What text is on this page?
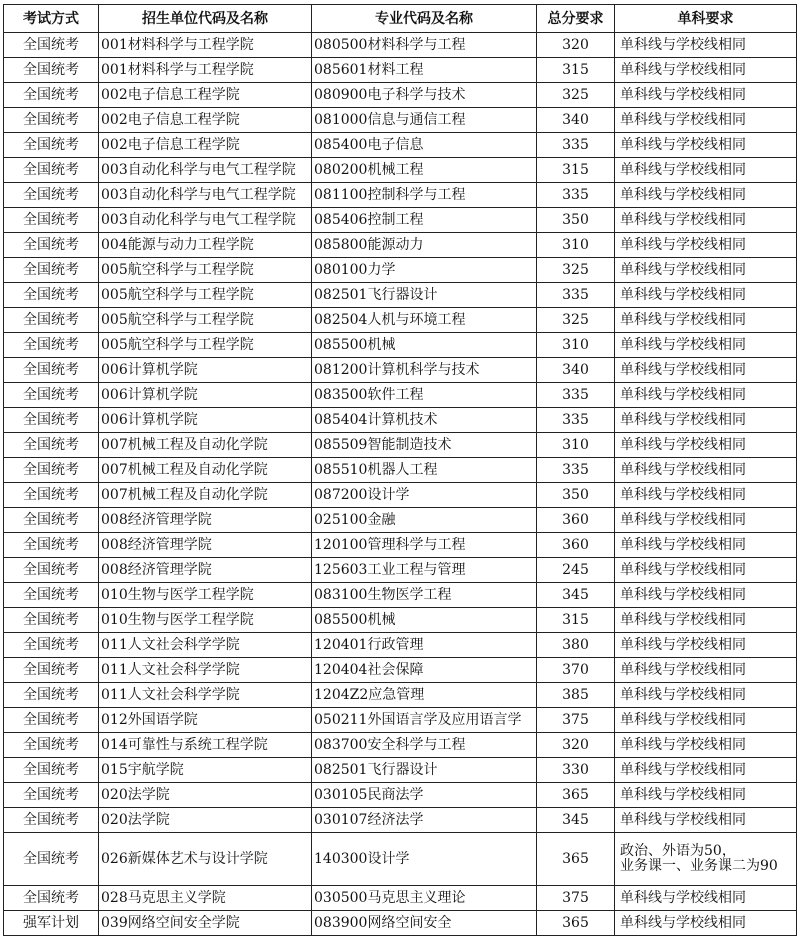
考试方式	招生单位代码及名称	专业代码及名称	总分要求	单科要求
全国统考	001材料科学与工程学院	080500材料科学与工程	320	单科线与学校线相同
全国统考	001材料科学与工程学院	085601材料工程	315	单科线与学校线相同
全国统考	002电子信息工程学院	080900电子科学与技术	325	单科线与学校线相同
全国统考	002电子信息工程学院	081000信息与通信工程	340	单科线与学校线相同
全国统考	002电子信息工程学院	085400电子信息	335	单科线与学校线相同
全国统考	003自动化科学与电气工程学院	080200机械工程	315	单科线与学校线相同
全国统考	003自动化科学与电气工程学院	081100控制科学与工程	335	单科线与学校线相同
全国统考	003自动化科学与电气工程学院	085406控制工程	350	单科线与学校线相同
全国统考	004能源与动力工程学院	085800能源动力	310	单科线与学校线相同
全国统考	005航空科学与工程学院	080100力学	325	单科线与学校线相同
全国统考	005航空科学与工程学院	082501飞行器设计	335	单科线与学校线相同
全国统考	005航空科学与工程学院	082504人机与环境工程	325	单科线与学校线相同
全国统考	005航空科学与工程学院	085500机械	310	单科线与学校线相同
全国统考	006计算机学院	081200计算机科学与技术	340	单科线与学校线相同
全国统考	006计算机学院	083500软件工程	335	单科线与学校线相同
全国统考	006计算机学院	085404计算机技术	335	单科线与学校线相同
全国统考	007机械工程及自动化学院	085509智能制造技术	310	单科线与学校线相同
全国统考	007机械工程及自动化学院	085510机器人工程	335	单科线与学校线相同
全国统考	007机械工程及自动化学院	087200设计学	350	单科线与学校线相同
全国统考	008经济管理学院	025100金融	360	单科线与学校线相同
全国统考	008经济管理学院	120100管理科学与工程	360	单科线与学校线相同
全国统考	008经济管理学院	125603工业工程与管理	245	单科线与学校线相同
全国统考	010生物与医学工程学院	083100生物医学工程	345	单科线与学校线相同
全国统考	010生物与医学工程学院	085500机械	315	单科线与学校线相同
全国统考	011人文社会科学学院	120401行政管理	380	单科线与学校线相同
全国统考	011人文社会科学学院	120404社会保障	370	单科线与学校线相同
全国统考	011人文社会科学学院	1204Z2应急管理	385	单科线与学校线相同
全国统考	012外国语学院	050211外国语言学及应用语言学	375	单科线与学校线相同
全国统考	014可靠性与系统工程学院	083700安全科学与工程	320	单科线与学校线相同
全国统考	015宇航学院	082501飞行器设计	330	单科线与学校线相同
全国统考	020法学院	030105民商法学	365	单科线与学校线相同
全国统考	020法学院	030107经济法学	345	单科线与学校线相同
全国统考	026新媒体艺术与设计学院	140300设计学	365	政治、外语为50，
业务课一、业务课二为90

全国统考	028马克思主义学院	030500马克思主义理论	375	单科线与学校线相同
强军计划	039网络空间安全学院	083900网络空间安全	365	单科线与学校线相同
